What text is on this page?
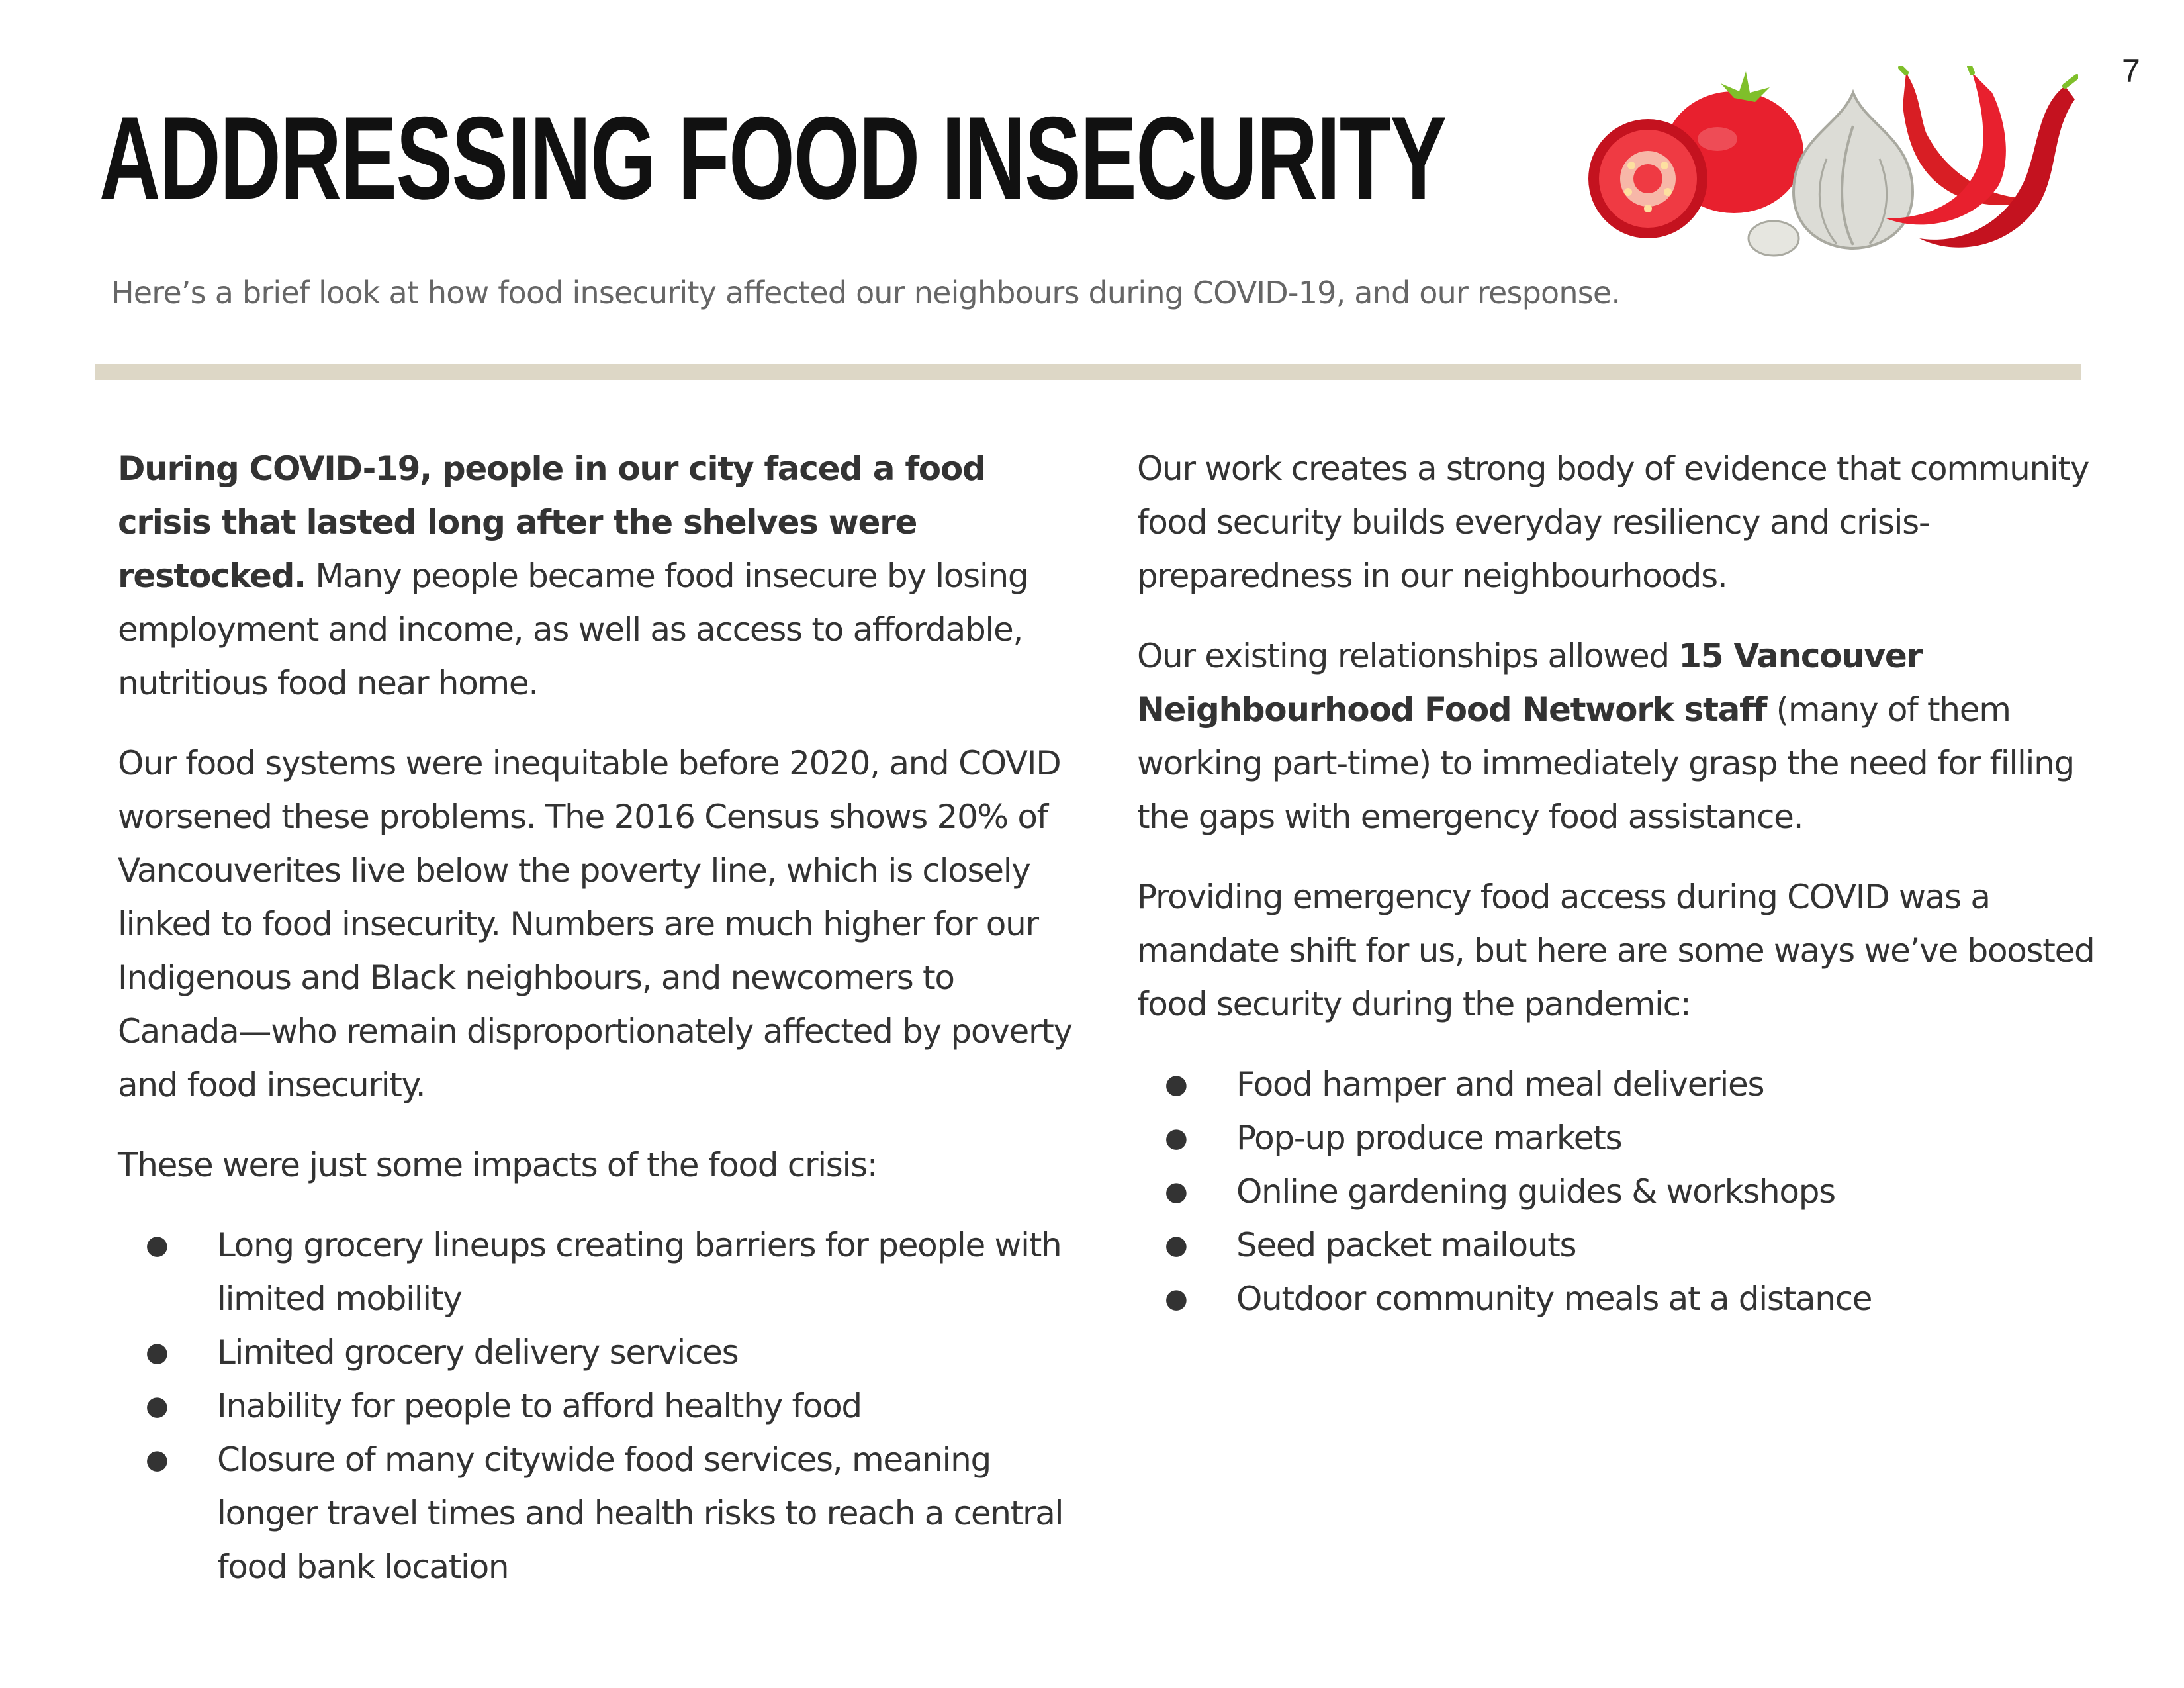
7
ADDRESSING FOOD INSECURITY
Here’s a brief look at how food insecurity affected our neighbours during COVID-19, and our response.

During COVID-19, people in our city faced a food crisis that lasted long after the shelves were restocked. Many people became food insecure by losing employment and income, as well as access to affordable, nutritious food near home.

Our food systems were inequitable before 2020, and COVID worsened these problems. The 2016 Census shows 20% of Vancouverites live below the poverty line, which is closely linked to food insecurity. Numbers are much higher for our Indigenous and Black neighbours, and newcomers to Canada—who remain disproportionately affected by poverty and food insecurity.

These were just some impacts of the food crisis:

● Long grocery lineups creating barriers for people with limited mobility
● Limited grocery delivery services
● Inability for people to afford healthy food
● Closure of many citywide food services, meaning longer travel times and health risks to reach a central food bank location

Our work creates a strong body of evidence that community food security builds everyday resiliency and crisis-preparedness in our neighbourhoods.

Our existing relationships allowed 15 Vancouver Neighbourhood Food Network staff (many of them working part-time) to immediately grasp the need for filling the gaps with emergency food assistance.

Providing emergency food access during COVID was a mandate shift for us, but here are some ways we’ve boosted food security during the pandemic:

● Food hamper and meal deliveries
● Pop-up produce markets
● Online gardening guides & workshops
● Seed packet mailouts
● Outdoor community meals at a distance
